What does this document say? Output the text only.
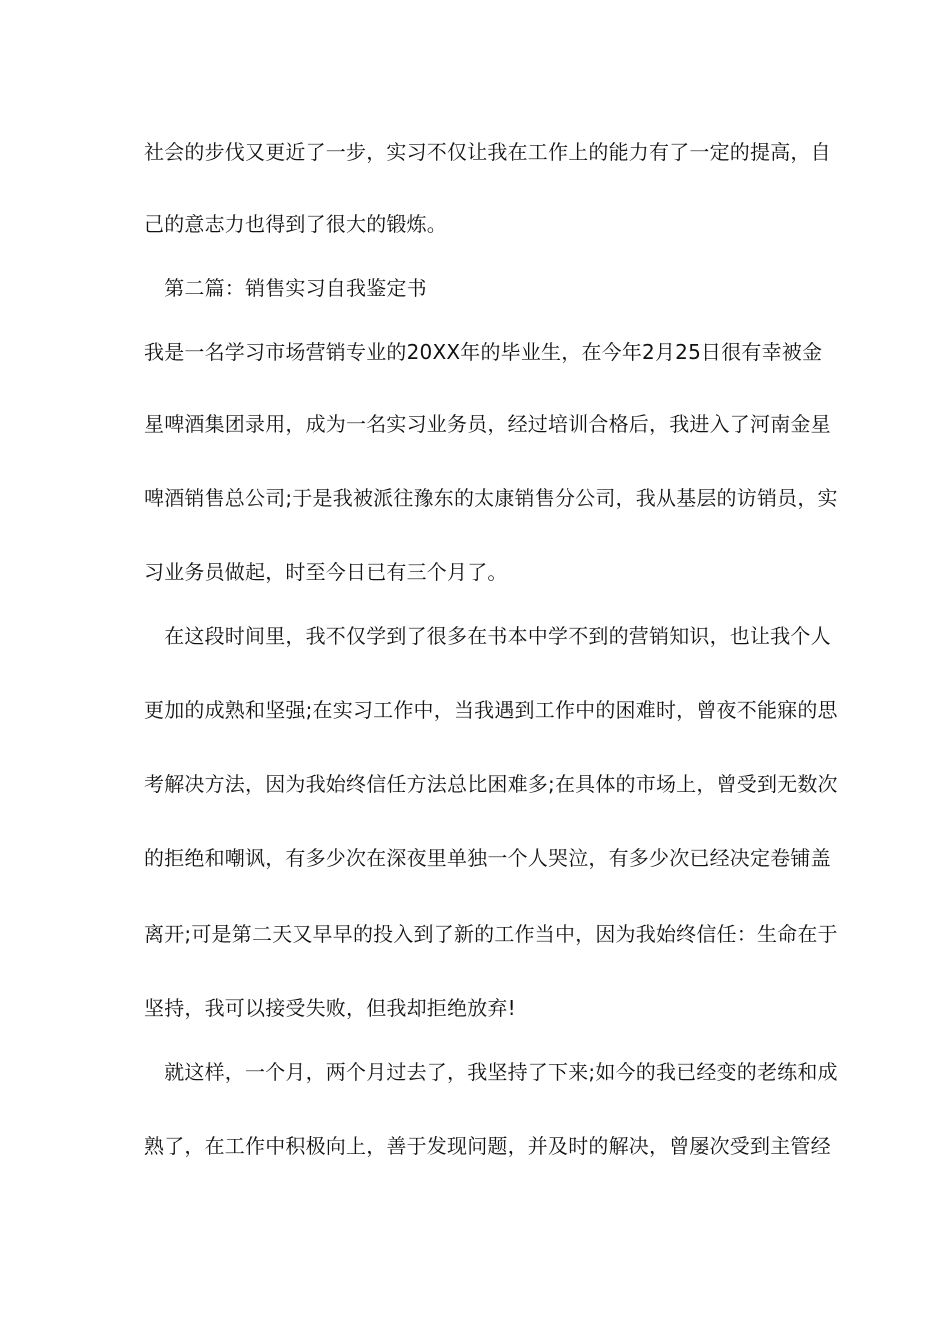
社会的步伐又更近了一步，实习不仅让我在工作上的能力有了一定的提高，自
己的意志力也得到了很大的锻炼。
　第二篇：销售实习自我鉴定书
我是一名学习市场营销专业的20XX年的毕业生，在今年2月25日很有幸被金
星啤酒集团录用，成为一名实习业务员，经过培训合格后，我进入了河南金星
啤酒销售总公司;于是我被派往豫东的太康销售分公司，我从基层的访销员，实
习业务员做起，时至今日已有三个月了。
　在这段时间里，我不仅学到了很多在书本中学不到的营销知识，也让我个人
更加的成熟和坚强;在实习工作中，当我遇到工作中的困难时，曾夜不能寐的思
考解决方法，因为我始终信任方法总比困难多;在具体的市场上，曾受到无数次
的拒绝和嘲讽，有多少次在深夜里单独一个人哭泣，有多少次已经决定卷铺盖
离开;可是第二天又早早的投入到了新的工作当中，因为我始终信任：生命在于
坚持，我可以接受失败，但我却拒绝放弃!
　就这样，一个月，两个月过去了，我坚持了下来;如今的我已经变的老练和成
熟了，在工作中积极向上，善于发现问题，并及时的解决，曾屡次受到主管经
